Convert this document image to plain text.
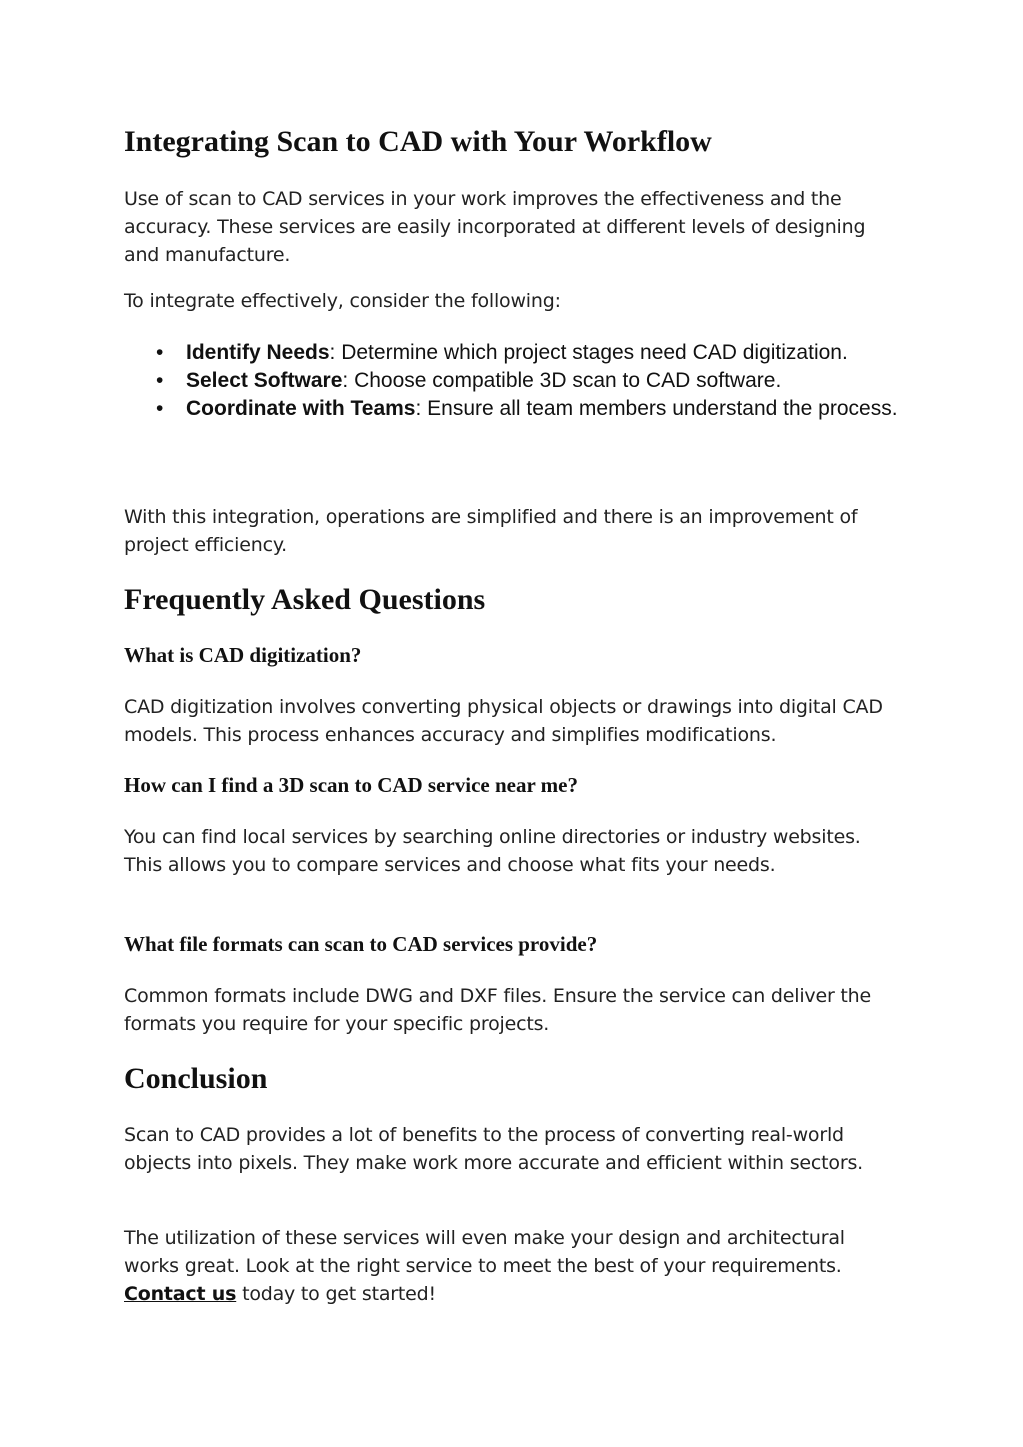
Integrating Scan to CAD with Your Workflow

Use of scan to CAD services in your work improves the effectiveness and the accuracy. These services are easily incorporated at different levels of designing and manufacture.

To integrate effectively, consider the following:

• Identify Needs: Determine which project stages need CAD digitization.
• Select Software: Choose compatible 3D scan to CAD software.
• Coordinate with Teams: Ensure all team members understand the process.

With this integration, operations are simplified and there is an improvement of project efficiency.

Frequently Asked Questions
What is CAD digitization?

CAD digitization involves converting physical objects or drawings into digital CAD models. This process enhances accuracy and simplifies modifications.

How can I find a 3D scan to CAD service near me?

You can find local services by searching online directories or industry websites. This allows you to compare services and choose what fits your needs.

What file formats can scan to CAD services provide?

Common formats include DWG and DXF files. Ensure the service can deliver the formats you require for your specific projects.

Conclusion

Scan to CAD provides a lot of benefits to the process of converting real-world objects into pixels. They make work more accurate and efficient within sectors.

The utilization of these services will even make your design and architectural works great. Look at the right service to meet the best of your requirements. Contact us today to get started!
